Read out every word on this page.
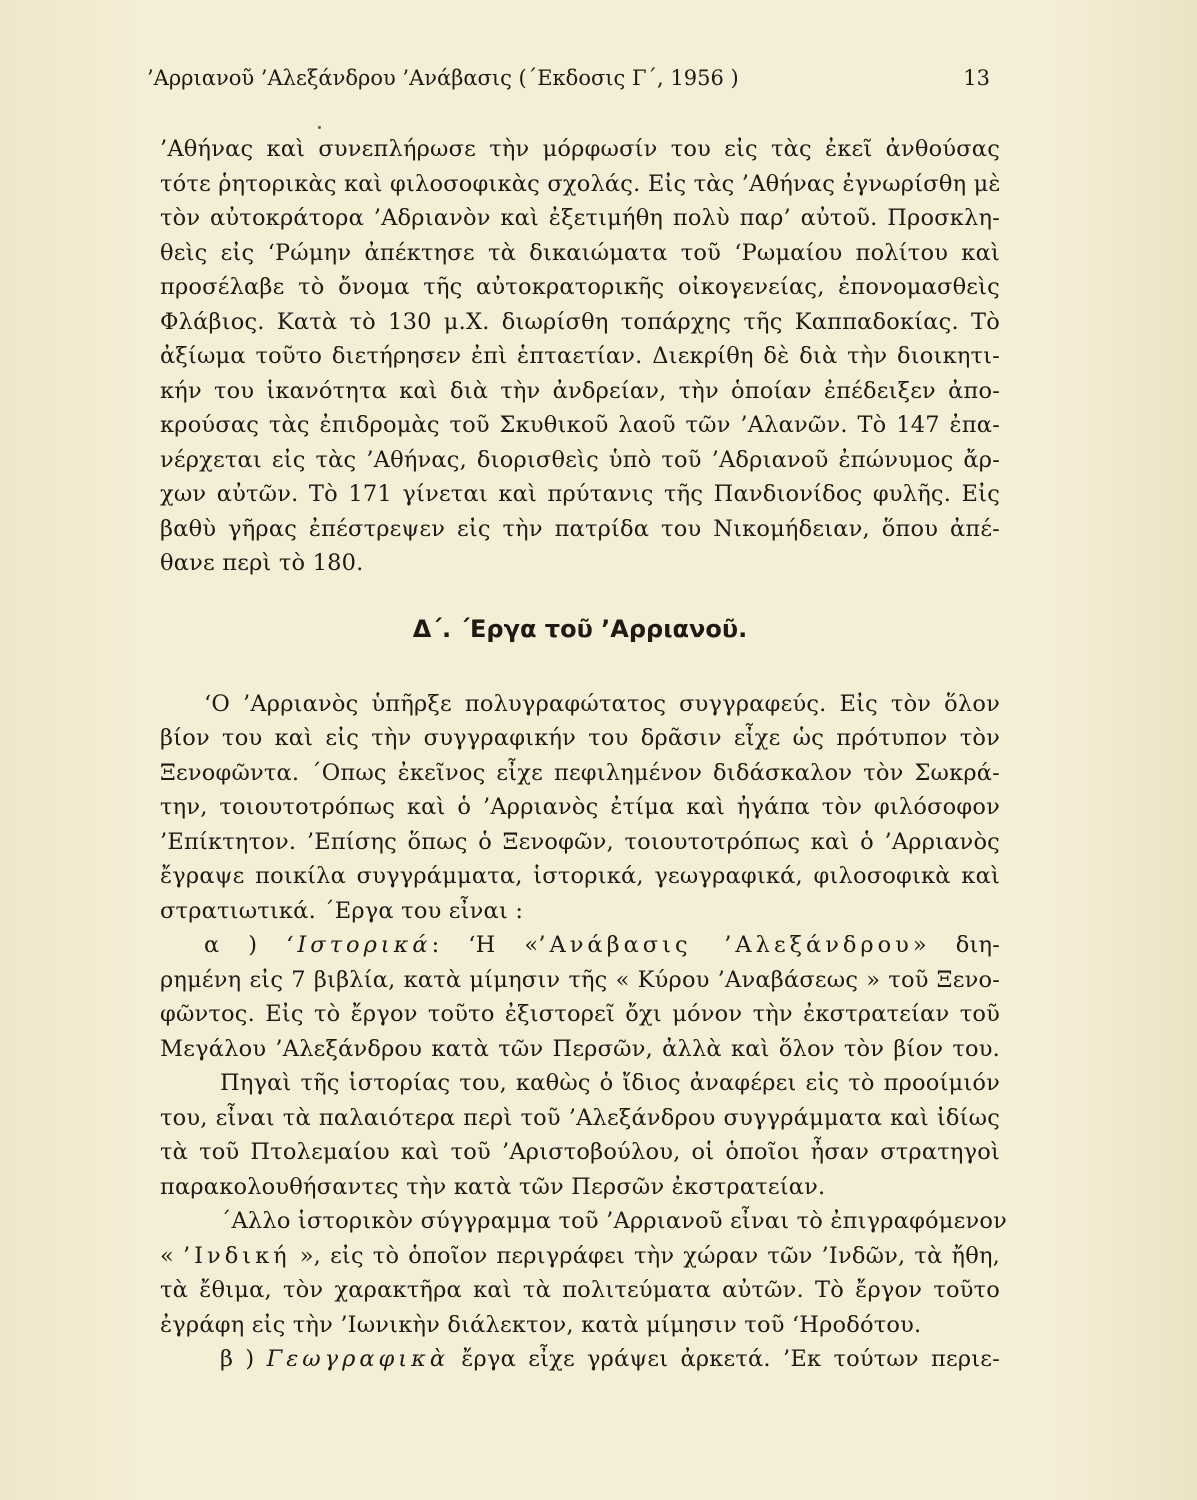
’Αρριανοῦ ’Αλεξάνδρου ’Ανάβασις (΄Εκδοσις Γ΄, 1956 )	13
’Αθήνας καὶ συνεπλήρωσε τὴν μόρφωσίν του εἰς τὰς ἐκεῖ ἀνθούσας
τότε ῥητορικὰς καὶ φιλοσοφικὰς σχολάς. Εἰς τὰς ’Αθήνας ἐγνωρίσθη μὲ
τὸν αὐτοκράτορα ’Αδριανὸν καὶ ἐξετιμήθη πολὺ παρ’ αὐτοῦ. Προσκλη-
θεὶς εἰς ‘Ρώμην ἀπέκτησε τὰ δικαιώματα τοῦ ‘Ρωμαίου πολίτου καὶ
προσέλαβε τὸ ὄνομα τῆς αὐτοκρατορικῆς οἰκογενείας, ἐπονομασθεὶς
Φλάβιος. Κατὰ τὸ 130 μ.Χ. διωρίσθη τοπάρχης τῆς Καππαδοκίας. Τὸ
ἀξίωμα τοῦτο διετήρησεν ἐπὶ ἑπταετίαν. Διεκρίθη δὲ διὰ τὴν διοικητι-
κήν του ἱκανότητα καὶ διὰ τὴν ἀνδρείαν, τὴν ὁποίαν ἐπέδειξεν ἀπο-
κρούσας τὰς ἐπιδρομὰς τοῦ Σκυθικοῦ λαοῦ τῶν ’Αλανῶν. Τὸ 147 ἐπα-
νέρχεται εἰς τὰς ’Αθήνας, διορισθεὶς ὑπὸ τοῦ ’Αδριανοῦ ἐπώνυμος ἄρ-
χων αὐτῶν. Τὸ 171 γίνεται καὶ πρύτανις τῆς Πανδιονίδος φυλῆς. Εἰς
βαθὺ γῆρας ἐπέστρεψεν εἰς τὴν πατρίδα του Νικομήδειαν, ὅπου ἀπέ-
θανε περὶ τὸ 180.
Δ΄. ΄Εργα τοῦ ’Αρριανοῦ.
‘Ο ’Αρριανὸς ὑπῆρξε πολυγραφώτατος συγγραφεύς. Εἰς τὸν ὅλον
βίον του καὶ εἰς τὴν συγγραφικήν του δρᾶσιν εἶχε ὡς πρότυπον τὸν
Ξενοφῶντα. ΄Οπως ἐκεῖνος εἶχε πεφιλημένον διδάσκαλον τὸν Σωκρά-
την, τοιουτοτρόπως καὶ ὁ ’Αρριανὸς ἐτίμα καὶ ἠγάπα τὸν φιλόσοφον
’Επίκτητον. ’Επίσης ὅπως ὁ Ξενοφῶν, τοιουτοτρόπως καὶ ὁ ’Αρριανὸς
ἔγραψε ποικίλα συγγράμματα, ἱστορικά, γεωγραφικά, φιλοσοφικὰ καὶ
στρατιωτικά. ΄Εργα του εἶναι :
α ) ‘Ιστορικά: ‘Η «’Ανάβασις ’Αλεξάνδρου» διη-
ρημένη εἰς 7 βιβλία, κατὰ μίμησιν τῆς « Κύρου ’Αναβάσεως » τοῦ Ξενο-
φῶντος. Εἰς τὸ ἔργον τοῦτο ἐξιστορεῖ ὄχι μόνον τὴν ἐκστρατείαν τοῦ
Μεγάλου ’Αλεξάνδρου κατὰ τῶν Περσῶν, ἀλλὰ καὶ ὅλον τὸν βίον του.
Πηγαὶ τῆς ἱστορίας του, καθὼς ὁ ἴδιος ἀναφέρει εἰς τὸ προοίμιόν
του, εἶναι τὰ παλαιότερα περὶ τοῦ ’Αλεξάνδρου συγγράμματα καὶ ἰδίως
τὰ τοῦ Πτολεμαίου καὶ τοῦ ’Αριστοβούλου, οἱ ὁποῖοι ἦσαν στρατηγοὶ
παρακολουθήσαντες τὴν κατὰ τῶν Περσῶν ἐκστρατείαν.
΄Αλλο ἱστορικὸν σύγγραμμα τοῦ ’Αρριανοῦ εἶναι τὸ ἐπιγραφόμενον
« ’Ινδική », εἰς τὸ ὁποῖον περιγράφει τὴν χώραν τῶν ’Ινδῶν, τὰ ἤθη,
τὰ ἔθιμα, τὸν χαρακτῆρα καὶ τὰ πολιτεύματα αὐτῶν. Τὸ ἔργον τοῦτο
ἐγράφη εἰς τὴν ’Ιωνικὴν διάλεκτον, κατὰ μίμησιν τοῦ ‘Ηροδότου.
β ) Γεωγραφικὰ ἔργα εἶχε γράψει ἀρκετά. ’Εκ τούτων περιε-
